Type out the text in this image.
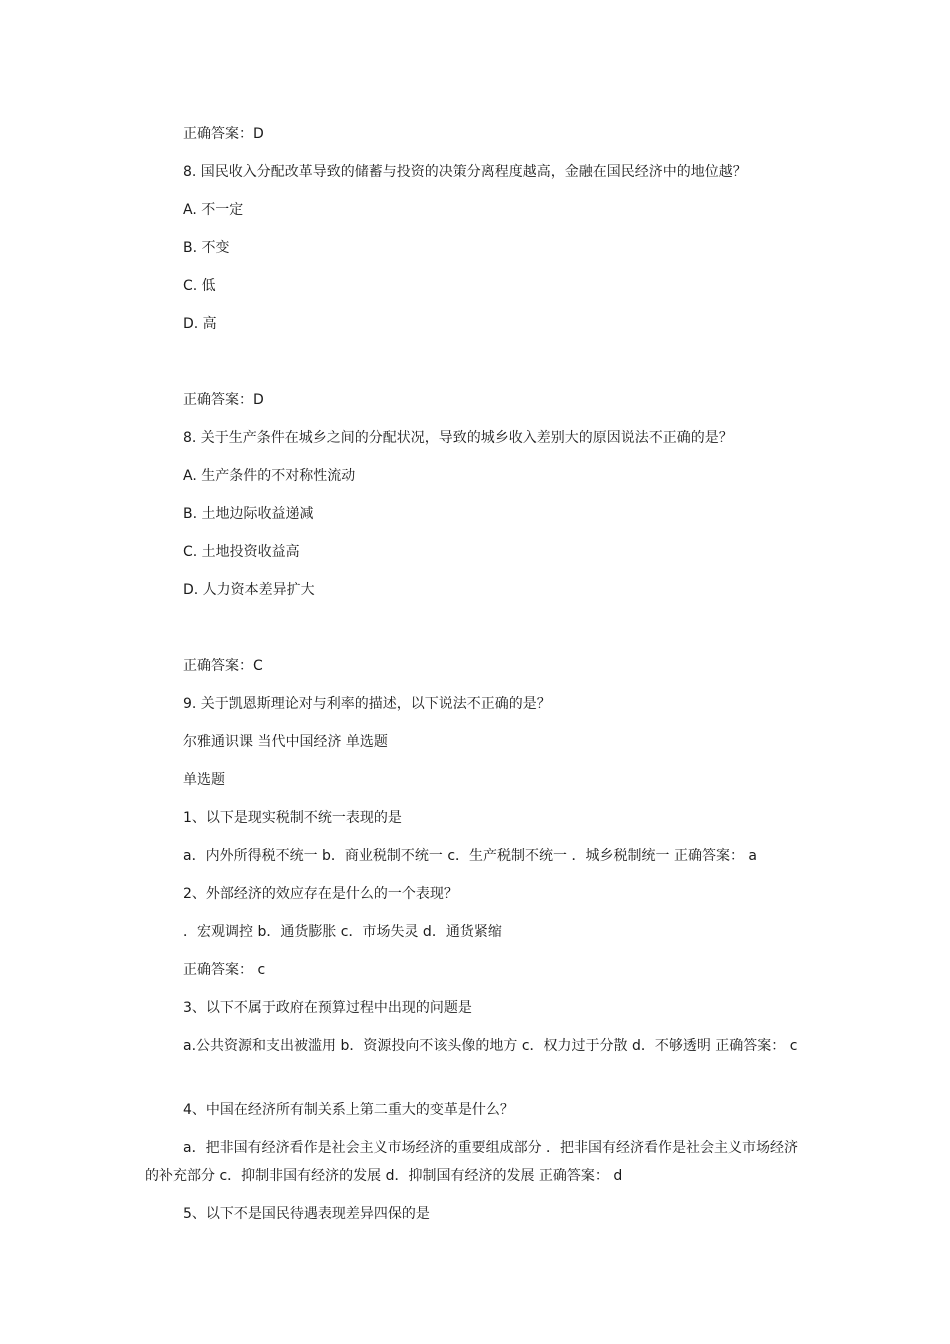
正确答案：D
8. 国民收入分配改革导致的储蓄与投资的决策分离程度越高，金融在国民经济中的地位越？
A. 不一定
B. 不变
C. 低
D. 高
正确答案：D
8. 关于生产条件在城乡之间的分配状况，导致的城乡收入差别大的原因说法不正确的是？
A. 生产条件的不对称性流动
B. 土地边际收益递减
C. 土地投资收益高
D. 人力资本差异扩大
正确答案：C
9. 关于凯恩斯理论对与利率的描述，以下说法不正确的是？
尔雅通识课 当代中国经济 单选题
单选题
1、以下是现实税制不统一表现的是
a．内外所得税不统一 b．商业税制不统一 c．生产税制不统一 ．城乡税制统一 正确答案： a
2、外部经济的效应存在是什么的一个表现？
．宏观调控 b．通货膨胀 c．市场失灵 d．通货紧缩
正确答案： c
3、以下不属于政府在预算过程中出现的问题是
a.公共资源和支出被滥用 b．资源投向不该头像的地方 c．权力过于分散 d．不够透明 正确答案： c
4、中国在经济所有制关系上第二重大的变革是什么？
a．把非国有经济看作是社会主义市场经济的重要组成部分 ．把非国有经济看作是社会主义市场经济的补充部分 c．抑制非国有经济的发展 d．抑制国有经济的发展 正确答案： d
5、以下不是国民待遇表现差异四保的是
